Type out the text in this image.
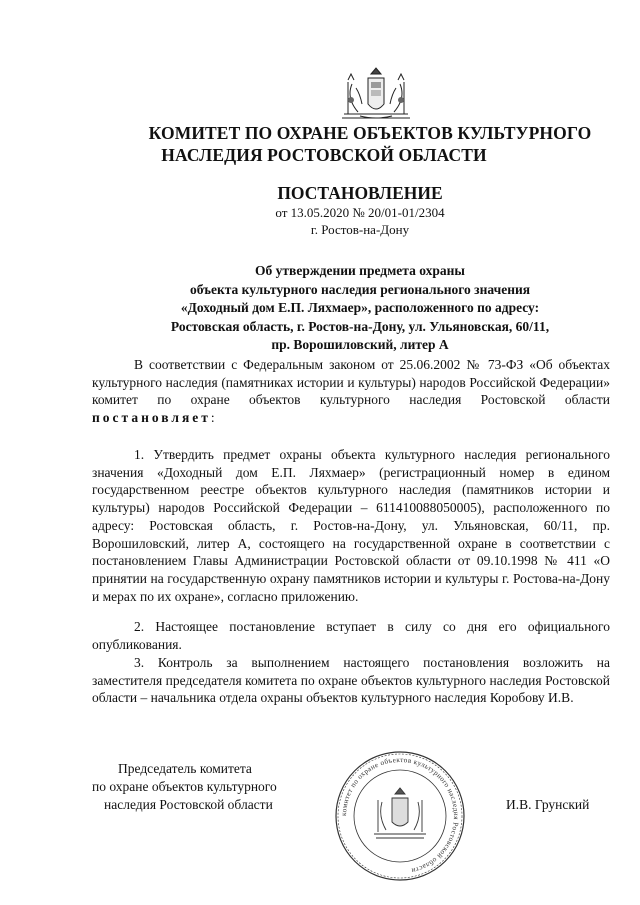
КОМИТЕТ ПО ОХРАНЕ ОБЪЕКТОВ КУЛЬТУРНОГО
НАСЛЕДИЯ РОСТОВСКОЙ ОБЛАСТИ
ПОСТАНОВЛЕНИЕ
от 13.05.2020 № 20/01-01/2304
г. Ростов-на-Дону
Об утверждении предмета охраны
объекта культурного наследия регионального значения
«Доходный дом Е.П. Ляхмаер», расположенного по адресу:
Ростовская область, г. Ростов-на-Дону, ул. Ульяновская, 60/11,
пр. Ворошиловский, литер А
В соответствии с Федеральным законом от 25.06.2002 № 73-ФЗ «Об объектах культурного наследия (памятниках истории и культуры) народов Российской Федерации» комитет по охране объектов культурного наследия Ростовской области постановляет:
1. Утвердить предмет охраны объекта культурного наследия регионального значения «Доходный дом Е.П. Ляхмаер» (регистрационный номер в едином государственном реестре объектов культурного наследия (памятников истории и культуры) народов Российской Федерации – 611410088050005), расположенного по адресу: Ростовская область, г. Ростов-на-Дону, ул. Ульяновская, 60/11, пр. Ворошиловский, литер А, состоящего на государственной охране в соответствии с постановлением Главы Администрации Ростовской области от 09.10.1998 № 411 «О принятии на государственную охрану памятников истории и культуры г. Ростова-на-Дону и мерах по их охране», согласно приложению.
2. Настоящее постановление вступает в силу со дня его официального опубликования.
3. Контроль за выполнением настоящего постановления возложить на заместителя председателя комитета по охране объектов культурного наследия Ростовской области – начальника отдела охраны объектов культурного наследия Коробову И.В.
Председатель комитета
по охране объектов культурного
наследия Ростовской области	И.В. Грунский
комитет по охране объектов культурного наследия Ростовской области
